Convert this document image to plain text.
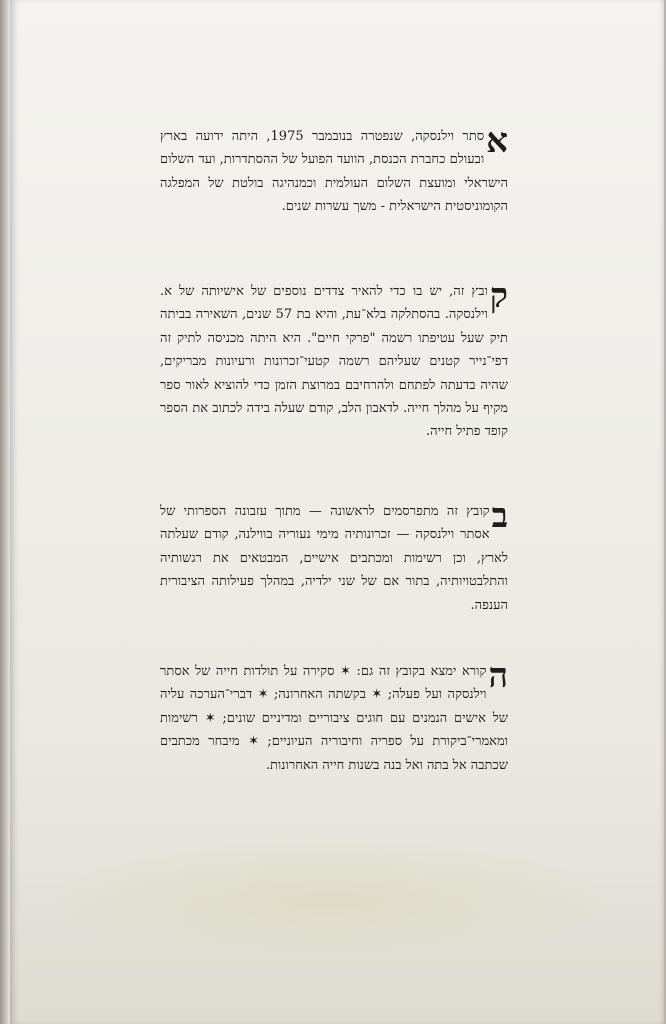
א
סתר וילנסקה, שנפטרה בנובמבר 1975, היתה ידועה בארץ ובעולם כחברת הכנסת, הוועד הפועל של ההסתדרות, ועד השלום הישראלי ומועצת השלום העולמית וכמנהיגה בולטת של המפלגה הקומוניסטית הישראלית - משך עשרות שנים.
ק
ובץ זה, יש בו כדי להאיר צדדים נוספים של אישיותה של א. וילנסקה. בהסתלקה בלא־עת, והיא בת 57 שנים, השאירה בביתה תיק שעל עטיפתו רשמה "פרקי חיים". היא היתה מכניסה לתיק זה דפי־נייר קטנים שעליהם רשמה קטעי־זכרונות ורעיונות מבריקים, שהיה בדעתה לפתחם ולהרחיבם במרוצת הזמן כדי להוציא לאור ספר מקיף על מהלך חייה. לדאבון הלב, קודם שעלה בידה לכתוב את הספר קופד פתיל חייה.
ב
קובץ זה מתפרסמים לראשונה — מתוך עזבונה הספרותי של אסתר וילנסקה — זכרונותיה מימי נעוריה בווילנה, קודם שעלתה לארץ, וכן רשימות ומכתבים אישיים, המבטאים את רגשותיה והתלבטויותיה, בתור אם של שני ילדיה, במהלך פעילותה הציבורית הענפה.
ה
קורא ימצא בקובץ זה גם: ✶ סקירה על תולדות חייה של אסתר וילנסקה ועל פעלה; ✶ בקשתה האחרונה; ✶ דברי־הערכה עליה של אישים הנמנים עם חוגים ציבוריים ומדיניים שונים; ✶ רשימות ומאמרי־ביקורת על ספריה וחיבוריה העיוניים; ✶ מיבחר מכתבים שכתבה אל בתה ואל בנה בשנות חייה האחרונות.
